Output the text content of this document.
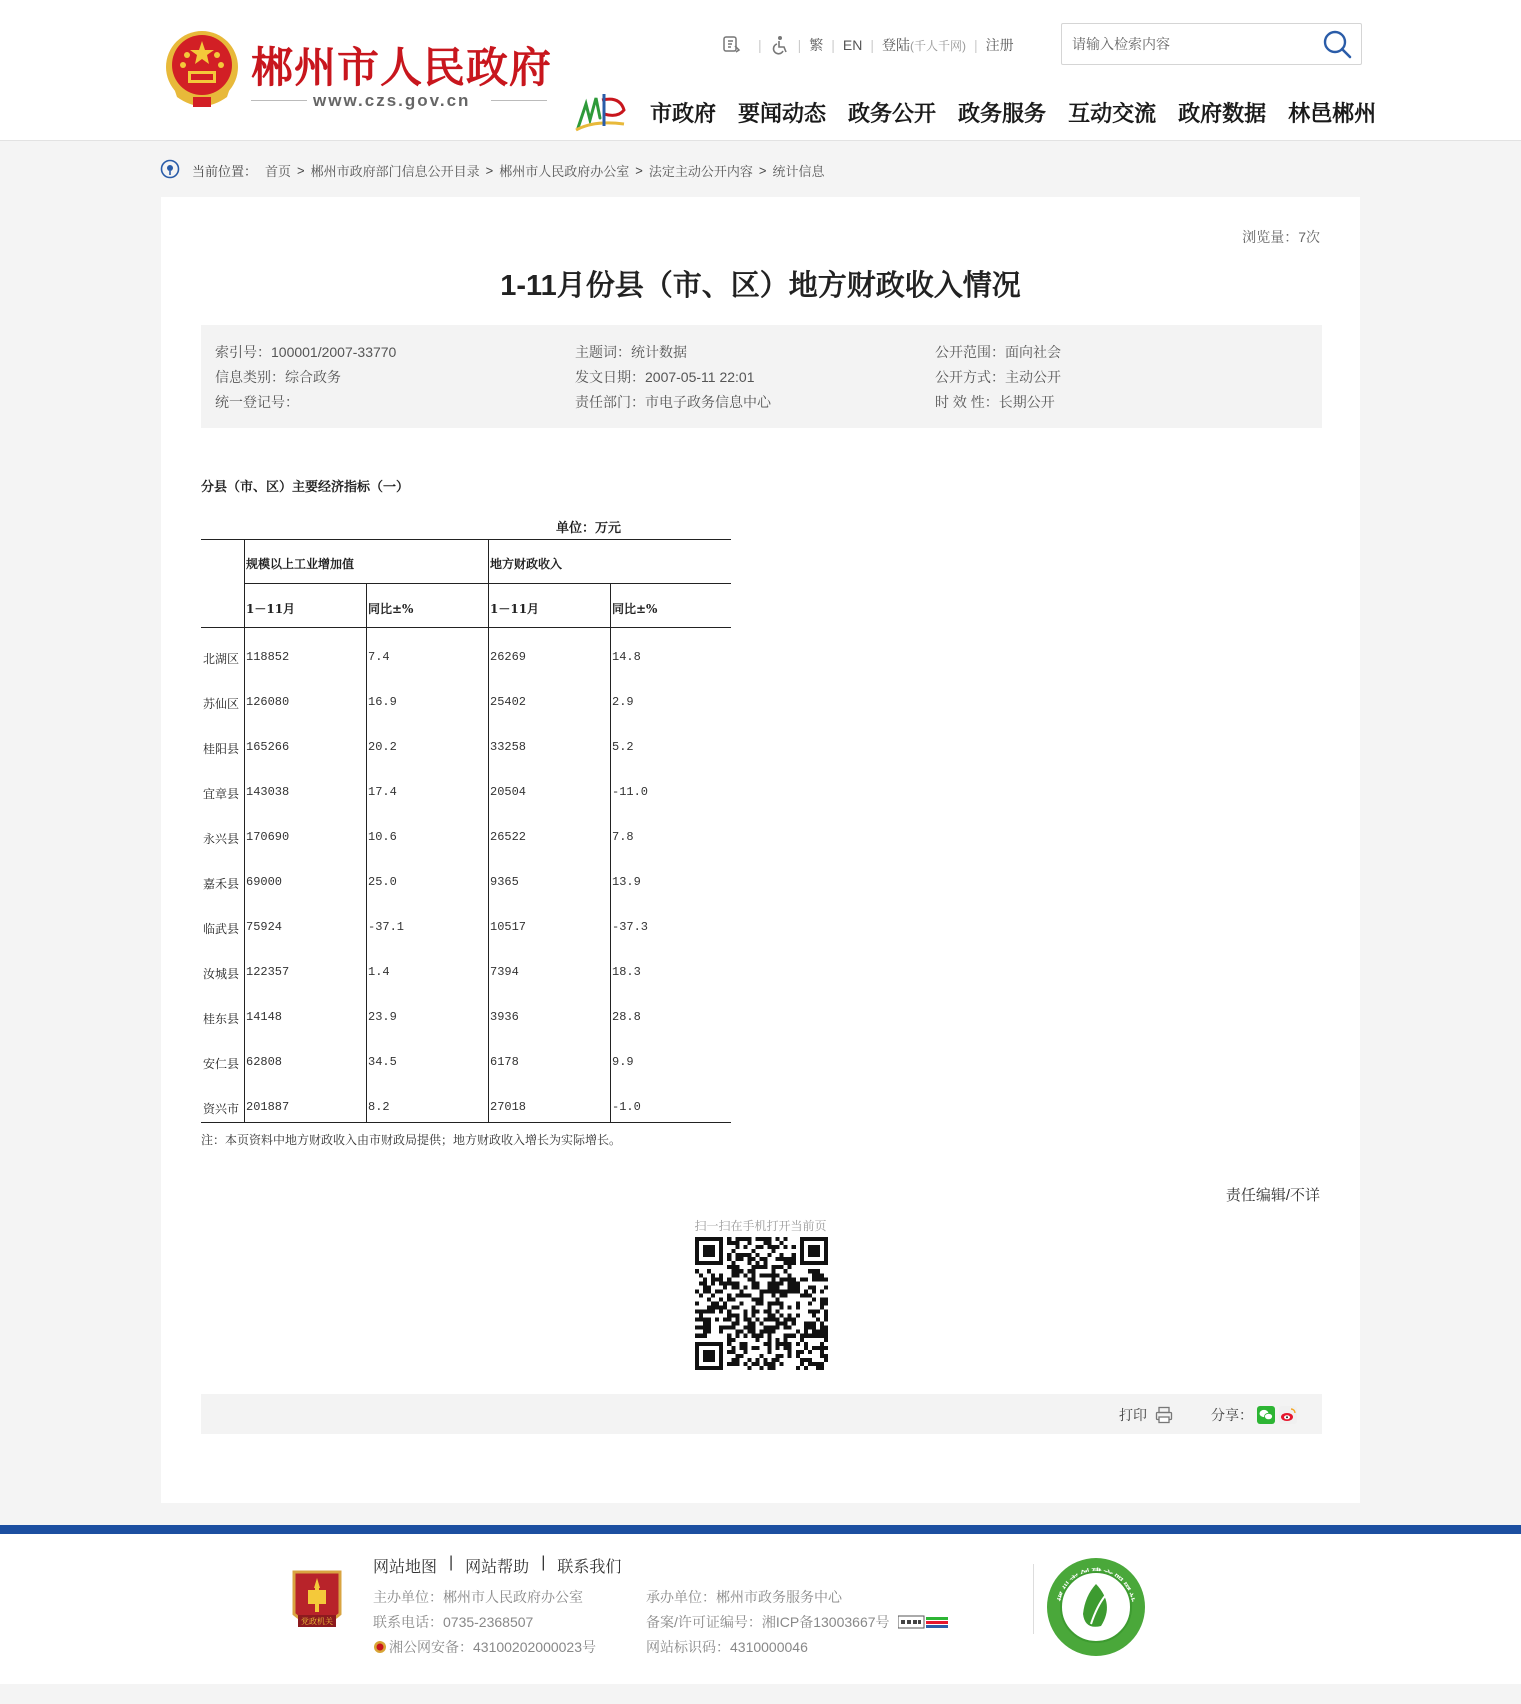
郴州市人民政府
www.czs.gov.cn
|	| 繁 | EN | 登陆 (千人千网) | 注册
请输入检索内容
市政府 要闻动态 政务公开 政务服务 互动交流 政府数据 林邑郴州
当前位置： 首页 > 郴州市政府部门信息公开目录 > 郴州市人民政府办公室 > 法定主动公开内容 > 统计信息
浏览量：7次
1-11月份县（市、区）地方财政收入情况
索引号：100001/2007-33770	主题词：统计数据	公开范围：面向社会
信息类别：综合政务	发文日期：2007-05-11 22:01	公开方式：主动公开
统一登记号：	责任部门：市电子政务信息中心	时 效 性：长期公开
分县（市、区）主要经济指标（一）
单位：万元
规模以上工业增加值	地方财政收入
1－11月	同比±%	1－11月	同比±%
北湖区 118852	7.4	26269	14.8
苏仙区 126080	16.9	25402	2.9
桂阳县 165266	20.2	33258	5.2
宜章县 143038	17.4	20504	-11.0
永兴县 170690	10.6	26522	7.8
嘉禾县 69000	25.0	9365	13.9
临武县 75924	-37.1	10517	-37.3
汝城县 122357	1.4	7394	18.3
桂东县 14148	23.9	3936	28.8
安仁县 62808	34.5	6178	9.9
资兴市 201887	8.2	27018	-1.0
注：本页资料中地方财政收入由市财政局提供；地方财政收入增长为实际增长。
责任编辑/不详
扫一扫在手机打开当前页
打印	分享：
党政机关
网站地图 | 网站帮助 | 联系我们
主办单位：郴州市人民政府办公室	承办单位：郴州市政务服务中心
联系电话：0735-2368507	备案/许可证编号：湘ICP备13003667号
湘公网安备：43100202000023号	网站标识码：4310000046
郴州市创建文明网站
